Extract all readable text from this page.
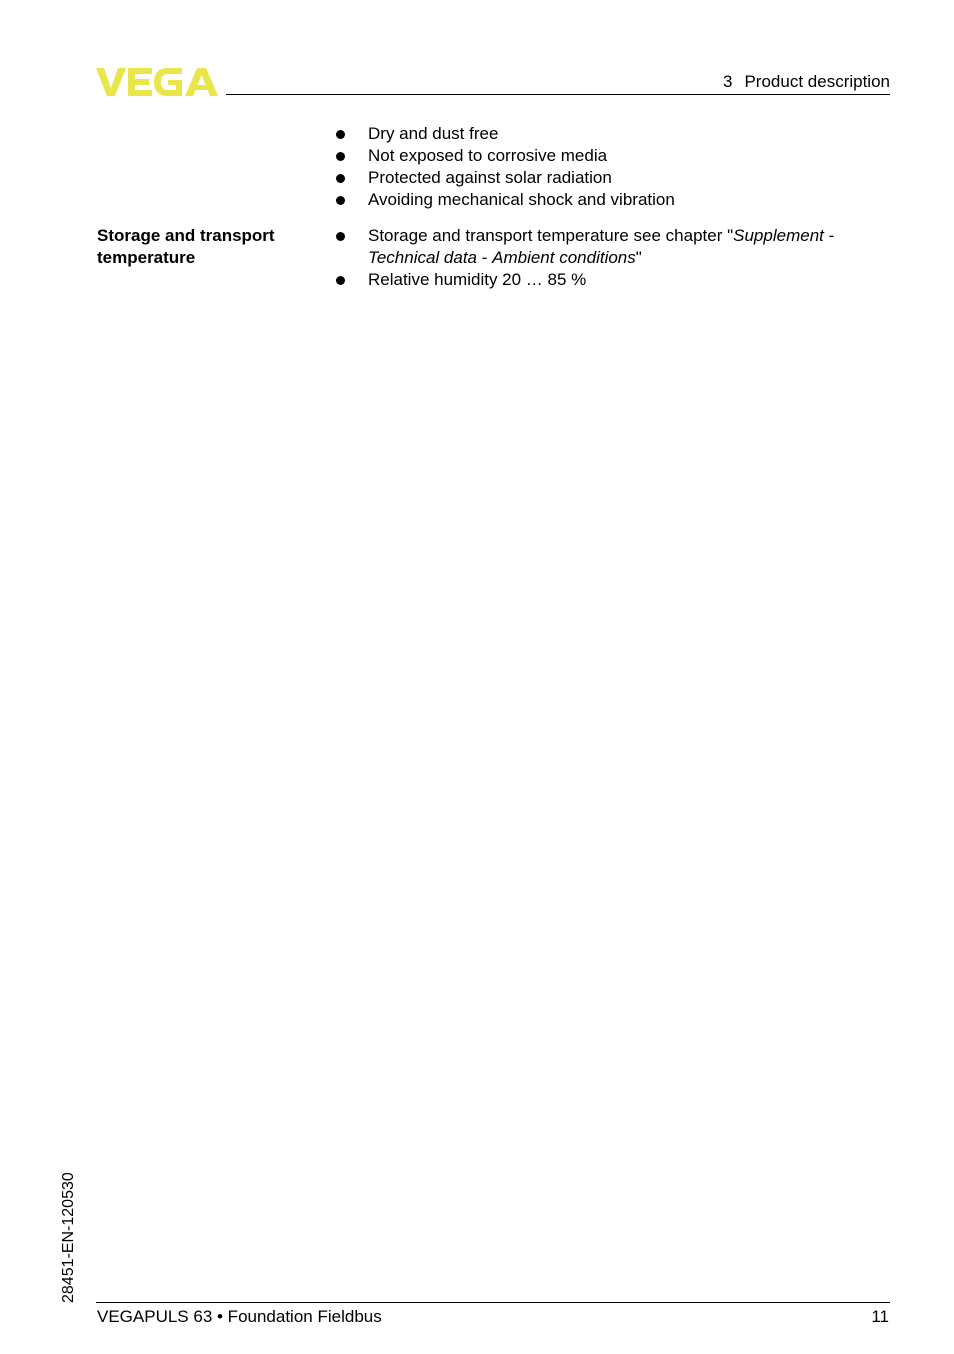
3 Product description
Dry and dust free
Not exposed to corrosive media
Protected against solar radiation
Avoiding mechanical shock and vibration
Storage and transport temperature
Storage and transport temperature see chapter "Supplement - Technical data - Ambient conditions"
Relative humidity 20 … 85 %
28451-EN-120530
VEGAPULS 63 • Foundation Fieldbus	11
